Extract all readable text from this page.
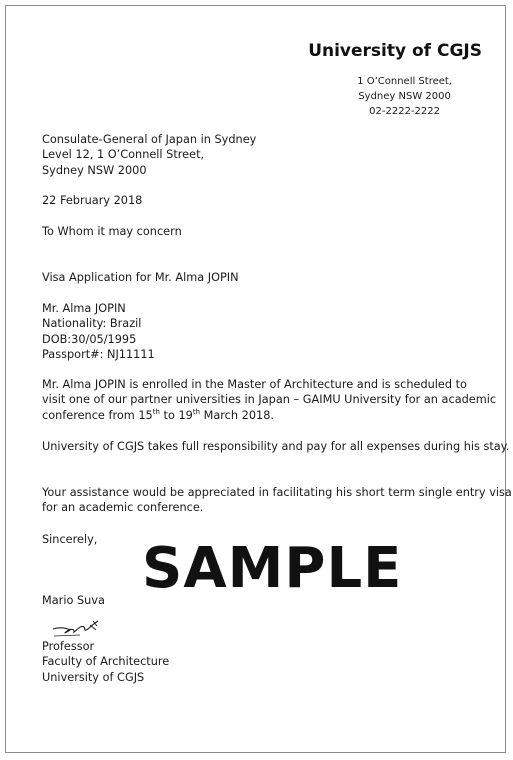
University of CGJS
1 O’Connell Street,
Sydney NSW 2000
02-2222-2222
Consulate-General of Japan in Sydney
Level 12, 1 O’Connell Street,
Sydney NSW 2000
22 February 2018
To Whom it may concern
Visa Application for Mr. Alma JOPIN
Mr. Alma JOPIN
Nationality: Brazil
DOB:30/05/1995
Passport#: NJ11111
Mr. Alma JOPIN is enrolled in the Master of Architecture and is scheduled to
visit one of our partner universities in Japan – GAIMU University for an academic
conference from 15th to 19th March 2018.
University of CGJS takes full responsibility and pay for all expenses during his stay.
Your assistance would be appreciated in facilitating his short term single entry visa
for an academic conference.
Sincerely, SAMPLE
Mario Suva
Professor
Faculty of Architecture
University of CGJS
